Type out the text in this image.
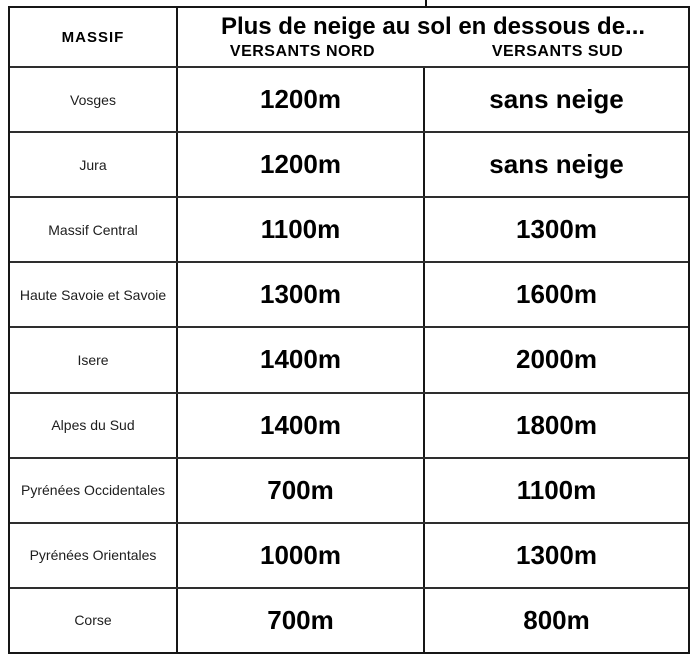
MASSIF	Plus de neige au sol en dessous de...
VERSANTS NORD	VERSANTS SUD
Vosges	1200m	sans neige
Jura	1200m	sans neige
Massif Central	1100m	1300m
Haute Savoie et Savoie	1300m	1600m
Isere	1400m	2000m
Alpes du Sud	1400m	1800m
Pyrénées Occidentales	700m	1100m
Pyrénées Orientales	1000m	1300m
Corse	700m	800m
